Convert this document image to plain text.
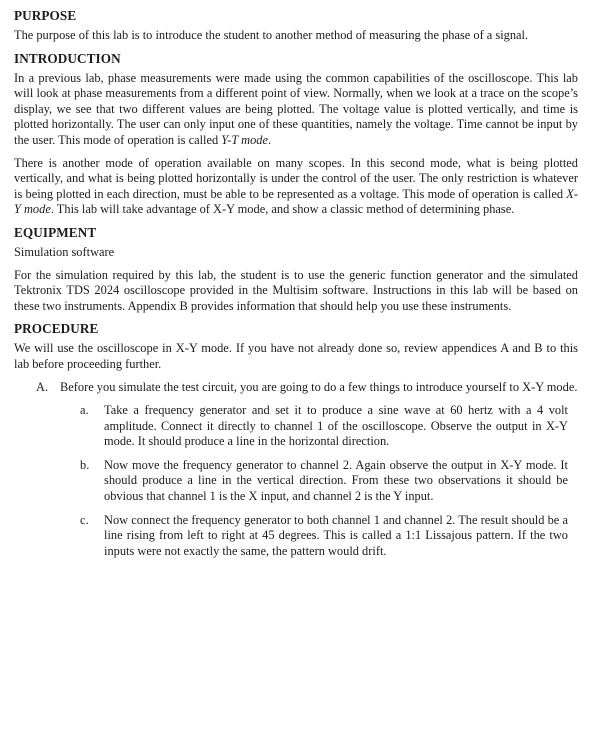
PURPOSE

The purpose of this lab is to introduce the student to another method of measuring the phase of a signal.

INTRODUCTION

In a previous lab, phase measurements were made using the common capabilities of the oscilloscope. This lab will look at phase measurements from a different point of view. Normally, when we look at a trace on the scope’s display, we see that two different values are being plotted. The voltage value is plotted vertically, and time is plotted horizontally. The user can only input one of these quantities, namely the voltage. Time cannot be input by the user. This mode of operation is called Y-T mode.

There is another mode of operation available on many scopes. In this second mode, what is being plotted vertically, and what is being plotted horizontally is under the control of the user. The only restriction is whatever is being plotted in each direction, must be able to be represented as a voltage. This mode of operation is called X-Y mode. This lab will take advantage of X-Y mode, and show a classic method of determining phase.

EQUIPMENT
Simulation software

For the simulation required by this lab, the student is to use the generic function generator and the simulated Tektronix TDS 2024 oscilloscope provided in the Multisim software. Instructions in this lab will be based on these two instruments. Appendix B provides information that should help you use these instruments.

PROCEDURE

We will use the oscilloscope in X-Y mode. If you have not already done so, review appendices A and B to this lab before proceeding further.

A. Before you simulate the test circuit, you are going to do a few things to introduce yourself to X-Y mode.
a.	Take a frequency generator and set it to produce a sine wave at 60 hertz with a 4 volt amplitude. Connect it directly to channel 1 of the oscilloscope. Observe the output in X-Y mode. It should produce a line in the horizontal direction.
b.	Now move the frequency generator to channel 2. Again observe the output in X-Y mode. It should produce a line in the vertical direction. From these two observations it should be obvious that channel 1 is the X input, and channel 2 is the Y input.
c.	Now connect the frequency generator to both channel 1 and channel 2. The result should be a line rising from left to right at 45 degrees. This is called a 1:1 Lissajous pattern. If the two inputs were not exactly the same, the pattern would drift.
